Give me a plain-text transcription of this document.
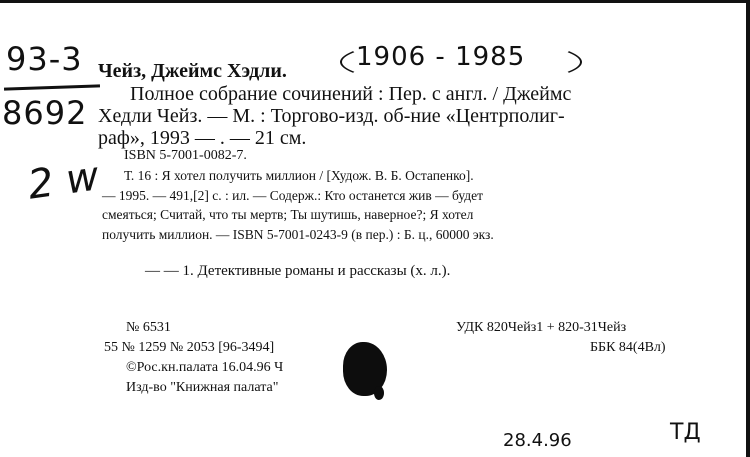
93-3
8692
1906 - 1985
2 w
28.4.96	ТД
Чейз, Джеймс Хэдли.
Полное собрание сочинений : Пер. с англ. / Джеймс
Хедли Чейз. — М. : Торгово-изд. об-ние «Центрполиг-
раф», 1993 — . — 21 см.
ISBN 5-7001-0082-7.
Т. 16 : Я хотел получить миллион / [Худож. В. Б. Остапенко].
— 1995. — 491,[2] с. : ил. — Содерж.: Кто останется жив — будет
смеяться; Считай, что ты мертв; Ты шутишь, наверное?; Я хотел
получить миллион. — ISBN 5-7001-0243-9 (в пер.) : Б. ц., 60000 экз.
— — 1. Детективные романы и рассказы (х. л.).
№ 6531
55 № 1259 № 2053 [96-3494]
©Рос.кн.палата 16.04.96 Ч
Изд-во "Книжная палата"
УДК 820Чейз1 + 820-31Чейз
ББК 84(4Вл)
